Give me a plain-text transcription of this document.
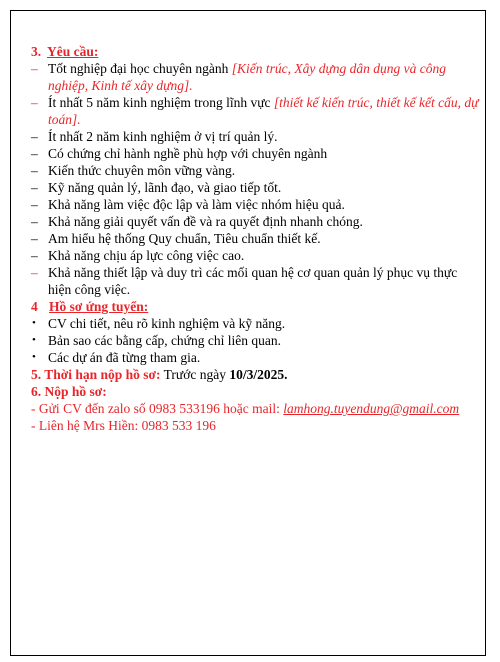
3. Yêu cầu:
– Tốt nghiệp đại học chuyên ngành [Kiến trúc, Xây dựng dân dụng và công nghiệp, Kinh tế xây dựng].
– Ít nhất 5 năm kinh nghiệm trong lĩnh vực [thiết kế kiến trúc, thiết kế kết cấu, dự toán].
– Ít nhất 2 năm kinh nghiệm ở vị trí quản lý.
– Có chứng chỉ hành nghề phù hợp với chuyên ngành
– Kiến thức chuyên môn vững vàng.
– Kỹ năng quản lý, lãnh đạo, và giao tiếp tốt.
– Khả năng làm việc độc lập và làm việc nhóm hiệu quả.
– Khả năng giải quyết vấn đề và ra quyết định nhanh chóng.
– Am hiểu hệ thống Quy chuẩn, Tiêu chuẩn thiết kế.
– Khả năng chịu áp lực công việc cao.
– Khả năng thiết lập và duy trì các mối quan hệ cơ quan quản lý phục vụ thực hiện công việc.
4 Hồ sơ ứng tuyển:
• CV chi tiết, nêu rõ kinh nghiệm và kỹ năng.
• Bản sao các bằng cấp, chứng chỉ liên quan.
• Các dự án đã từng tham gia.
5. Thời hạn nộp hồ sơ: Trước ngày 10/3/2025.
6. Nộp hồ sơ:
- Gửi CV đến zalo số 0983 533196 hoặc mail: lamhong.tuyendung@gmail.com
- Liên hệ Mrs Hiền: 0983 533 196
